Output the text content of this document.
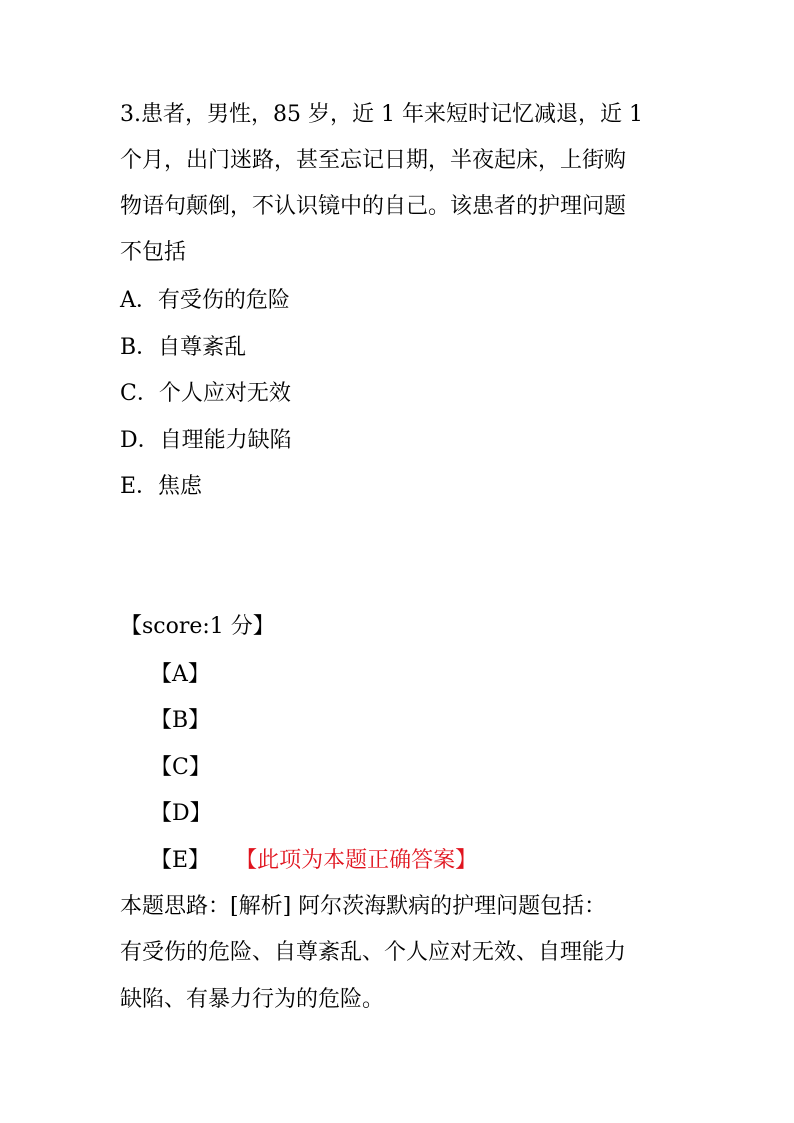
3.患者，男性，85 岁，近 1 年来短时记忆减退，近 1
个月，出门迷路，甚至忘记日期，半夜起床，上街购
物语句颠倒，不认识镜中的自己。该患者的护理问题
不包括
A．有受伤的危险
B．自尊紊乱
C．个人应对无效
D．自理能力缺陷
E．焦虑
【score:1 分】
【A】
【B】
【C】
【D】
【E】 【此项为本题正确答案】
本题思路：[解析] 阿尔茨海默病的护理问题包括：
有受伤的危险、自尊紊乱、个人应对无效、自理能力
缺陷、有暴力行为的危险。
